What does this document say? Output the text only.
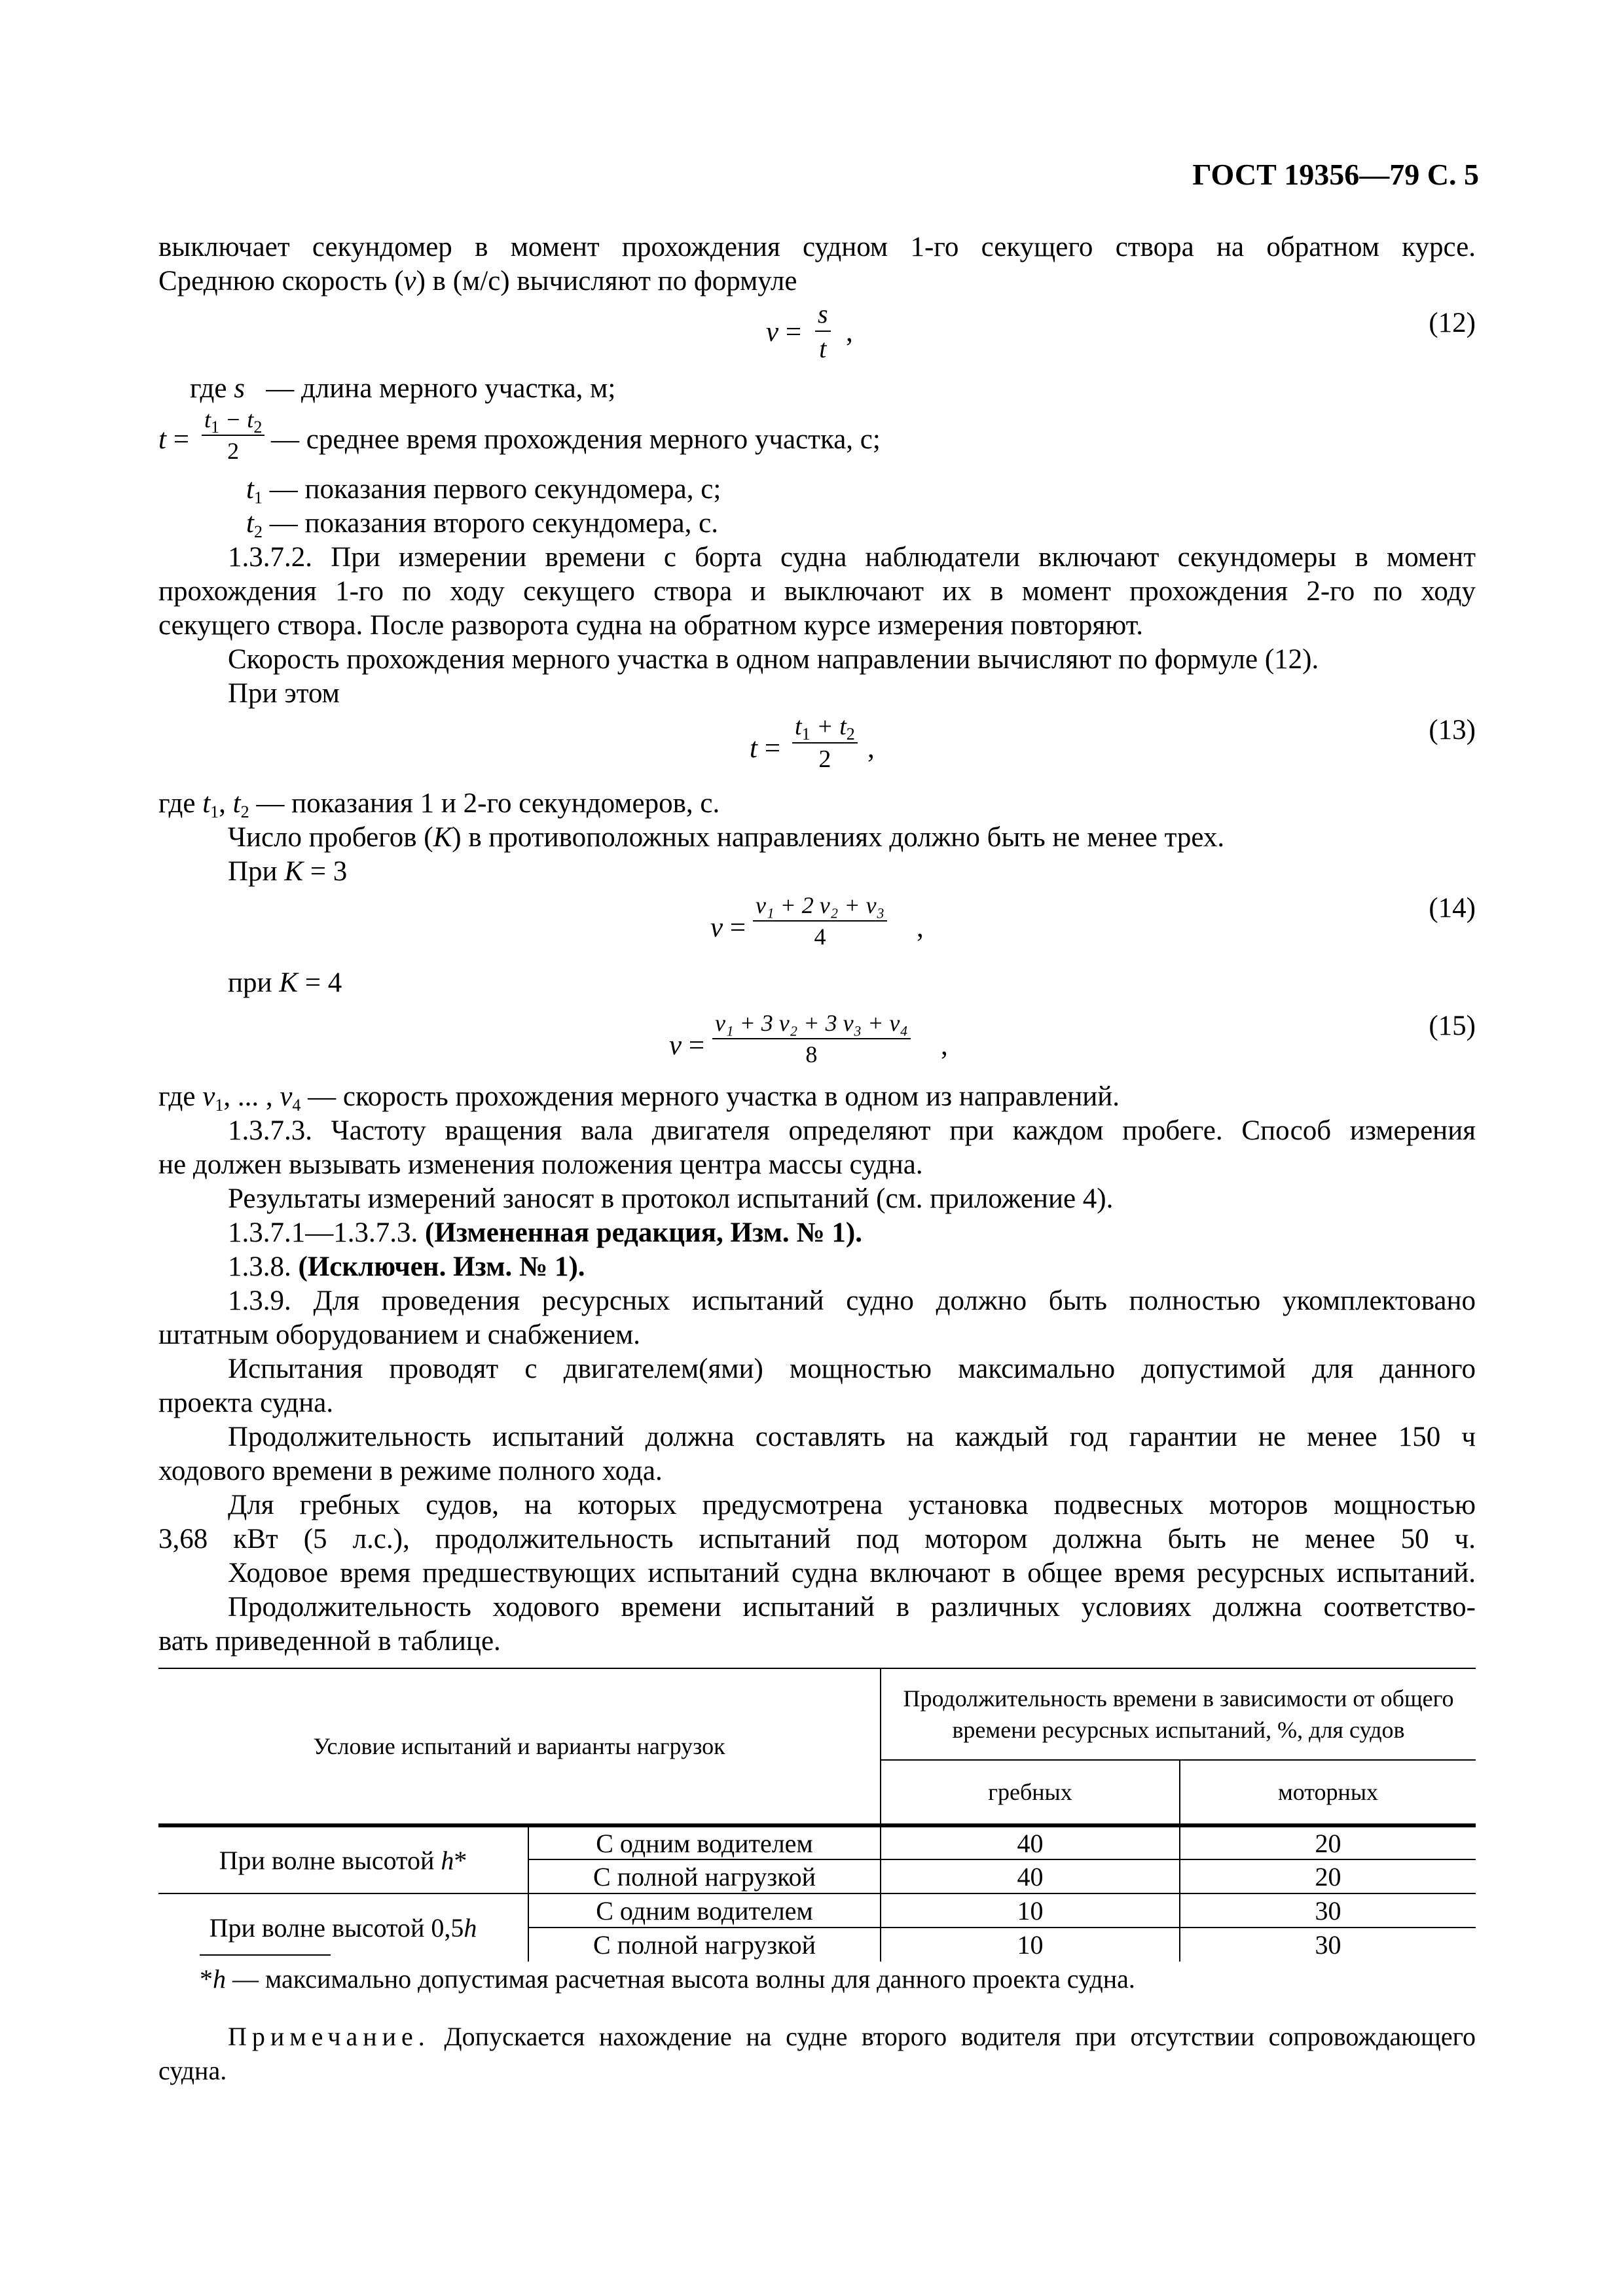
ГОСТ 19356—79 С. 5
выключает секундомер в момент прохождения судном 1-го секущего створа на обратном курсе.
Среднюю скорость (v) в (м/с) вычисляют по формуле
$v = \frac{s}{t}$ ,	(12)
где s — длина мерного участка, м;
$t = \frac{t_1 - t_2}{2}$ — среднее время прохождения мерного участка, с;
$t_1$ — показания первого секундомера, с;
$t_2$ — показания второго секундомера, с.
1.3.7.2. При измерении времени с борта судна наблюдатели включают секундомеры в момент
прохождения 1-го по ходу секущего створа и выключают их в момент прохождения 2-го по ходу
секущего створа. После разворота судна на обратном курсе измерения повторяют.
Скорость прохождения мерного участка в одном направлении вычисляют по формуле (12).
При этом
$t = \frac{t_1 + t_2}{2}$ ,
(13)
где $t_1$, $t_2$ — показания 1 и 2-го секундомеров, с.
Число пробегов (K) в противоположных направлениях должно быть не менее трех.
При K = 3
$v = \frac{\text{v₁ + 2 v₂ + v₃}}{4}$ ,
(14)
при K = 4
$v = \frac{\text{v₁ + 3 v₂ + 3 v₃ + v₄}}{8}$ ,
(15)
где $v_1$, ... , $v_4$ — скорость прохождения мерного участка в одном из направлений.
1.3.7.3. Частоту вращения вала двигателя определяют при каждом пробеге. Способ измерения
не должен вызывать изменения положения центра массы судна.
Результаты измерений заносят в протокол испытаний (см. приложение 4).
1.3.7.1—1.3.7.3. (Измененная редакция, Изм. № 1).
1.3.8. (Исключен. Изм. № 1).
1.3.9. Для проведения ресурсных испытаний судно должно быть полностью укомплектовано
штатным оборудованием и снабжением.
Испытания проводят с двигателем(ями) мощностью максимально допустимой для данного
проекта судна.
Продолжительность испытаний должна составлять на каждый год гарантии не менее 150 ч
ходового времени в режиме полного хода.
Для гребных судов, на которых предусмотрена установка подвесных моторов мощностью
3,68 кВт (5 л.с.), продолжительность испытаний под мотором должна быть не менее 50 ч.
Ходовое время предшествующих испытаний судна включают в общее время ресурсных испытаний.
Продолжительность ходового времени испытаний в различных условиях должна соответство-
вать приведенной в таблице.
Условие испытаний и варианты нагрузок		Продолжительность времени в зависимости от общего времени ресурсных испытаний, %, для судов	
		гребных	моторных
При волне высотой h*	С одним водителем	40	20
	С полной нагрузкой	40	20
При волне высотой 0,5h	С одним водителем	10	30
	С полной нагрузкой	10	30
*h — максимально допустимая расчетная высота волны для данного проекта судна.
Примечание. Допускается нахождение на судне второго водителя при отсутствии сопровождающего
судна.
